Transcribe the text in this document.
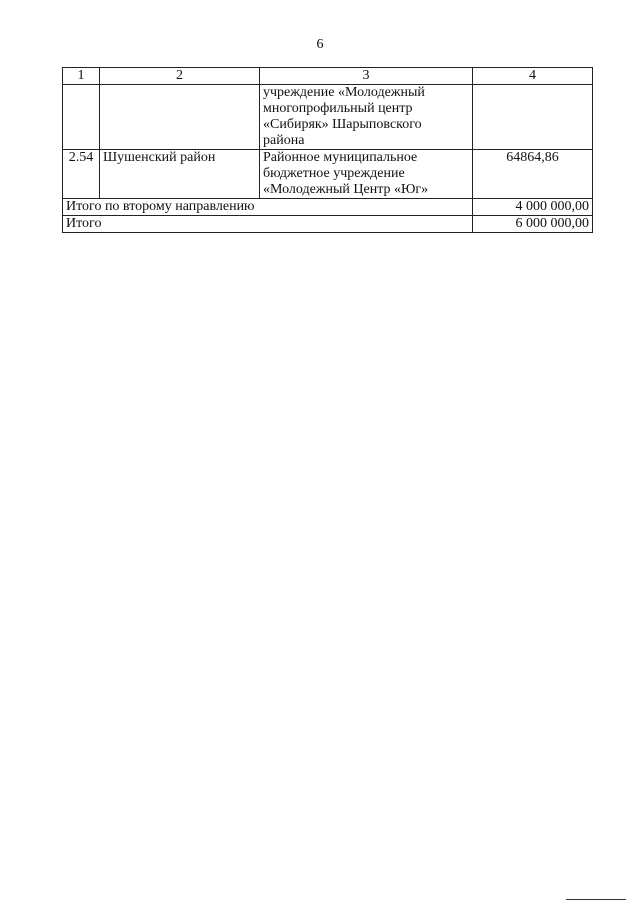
6
1	2	3	4
		учреждение «Молодежный
многопрофильный центр
«Сибиряк» Шарыповского
района	
2.54	Шушенский район	Районное муниципальное
бюджетное учреждение
«Молодежный Центр «Юг»	64864,86
Итого по второму направлению			4 000 000,00
Итого			6 000 000,00
